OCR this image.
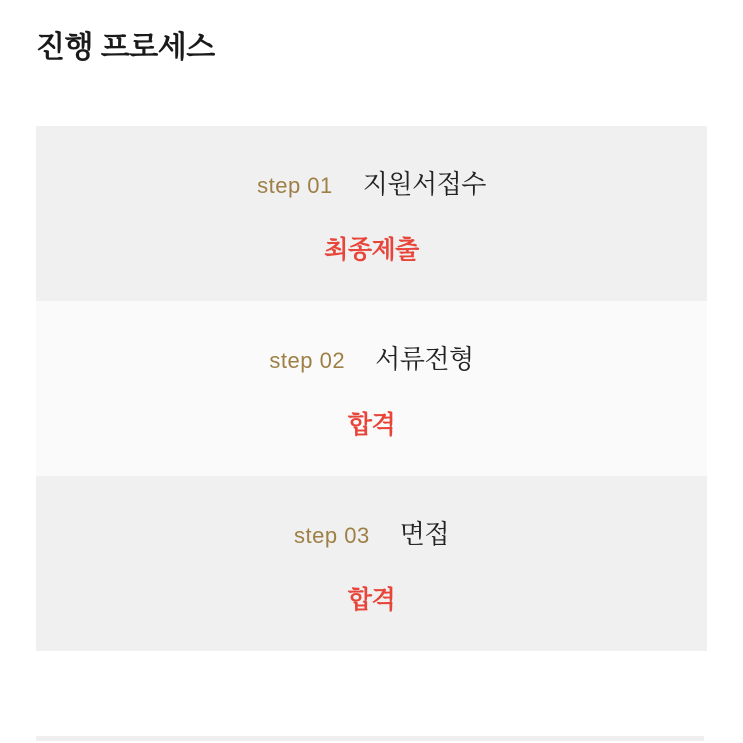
진행 프로세스
step 01 지원서접수
최종제출
step 02 서류전형
합격
step 03 면접
합격
